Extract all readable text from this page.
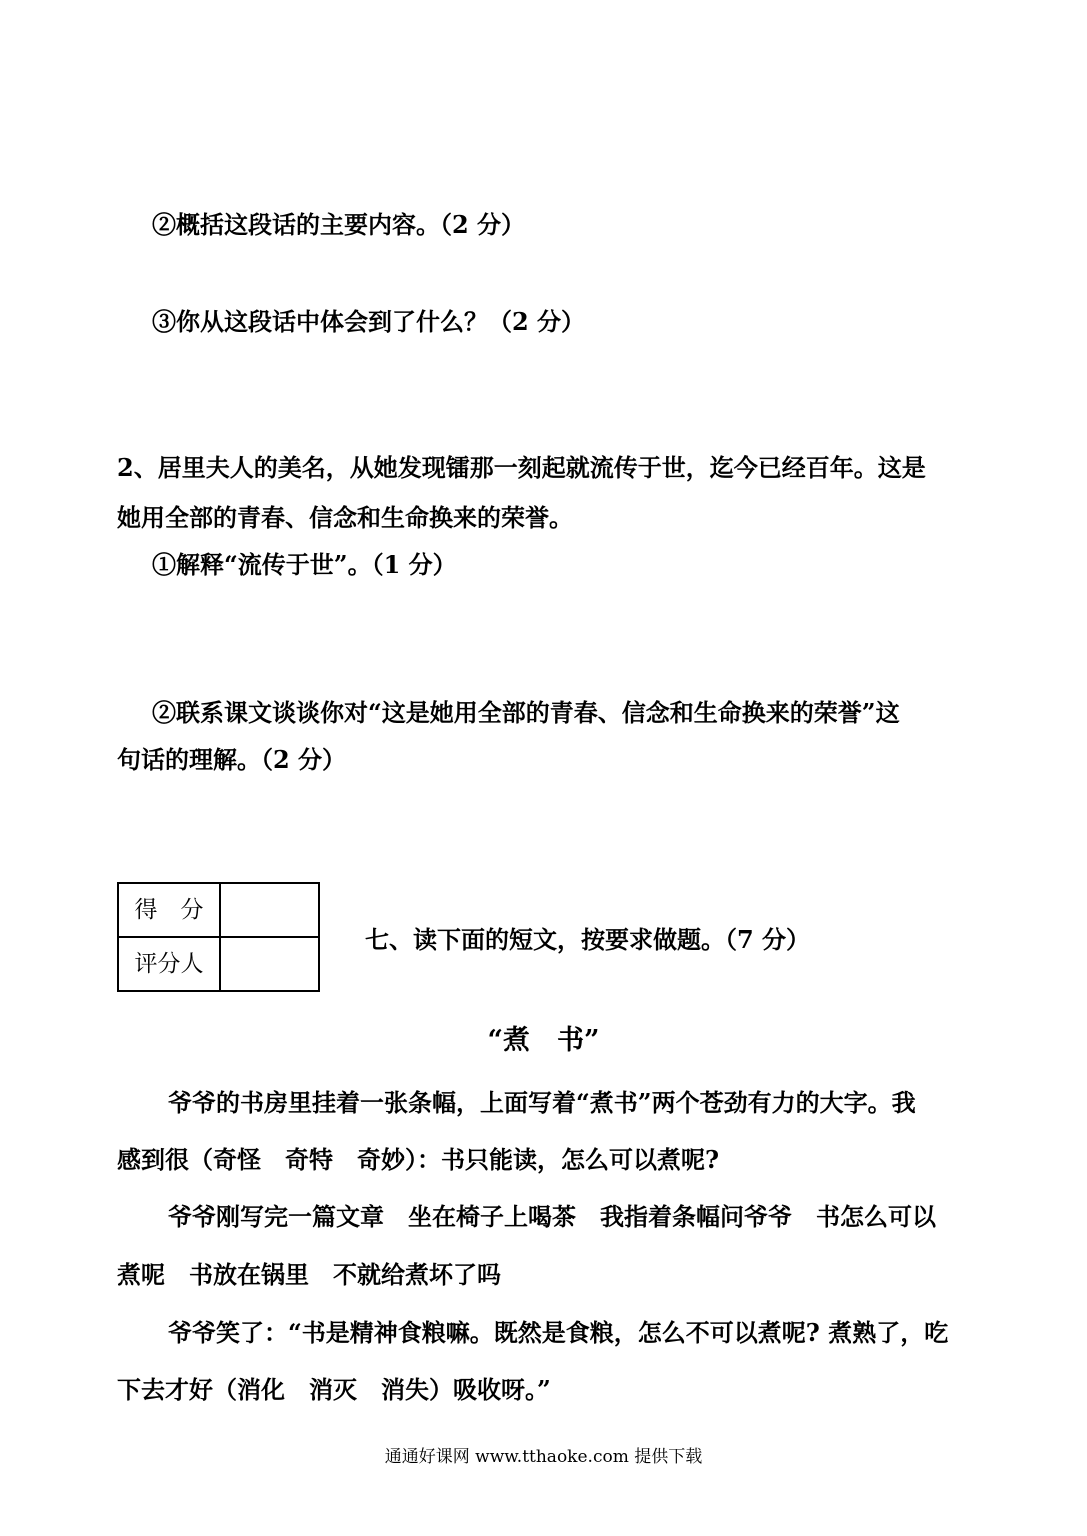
②概括这段话的主要内容。（2 分）
③你从这段话中体会到了什么？（2 分）
2、居里夫人的美名，从她发现镭那一刻起就流传于世，迄今已经百年。这是
她用全部的青春、信念和生命换来的荣誉。
①解释“流传于世”。（1 分）
②联系课文谈谈你对“这是她用全部的青春、信念和生命换来的荣誉”这
句话的理解。（2 分）
得　分	
评分人	
七、读下面的短文，按要求做题。（7 分）
“煮　书”
爷爷的书房里挂着一张条幅，上面写着“煮书”两个苍劲有力的大字。我
感到很（奇怪　奇特　奇妙）：书只能读，怎么可以煮呢?
爷爷刚写完一篇文章　坐在椅子上喝茶　我指着条幅问爷爷　书怎么可以
煮呢　书放在锅里　不就给煮坏了吗
爷爷笑了：“书是精神食粮嘛。既然是食粮，怎么不可以煮呢? 煮熟了，吃
下去才好（消化　消灭　消失）吸收呀。”
通通好课网 www.tthaoke.com 提供下载
